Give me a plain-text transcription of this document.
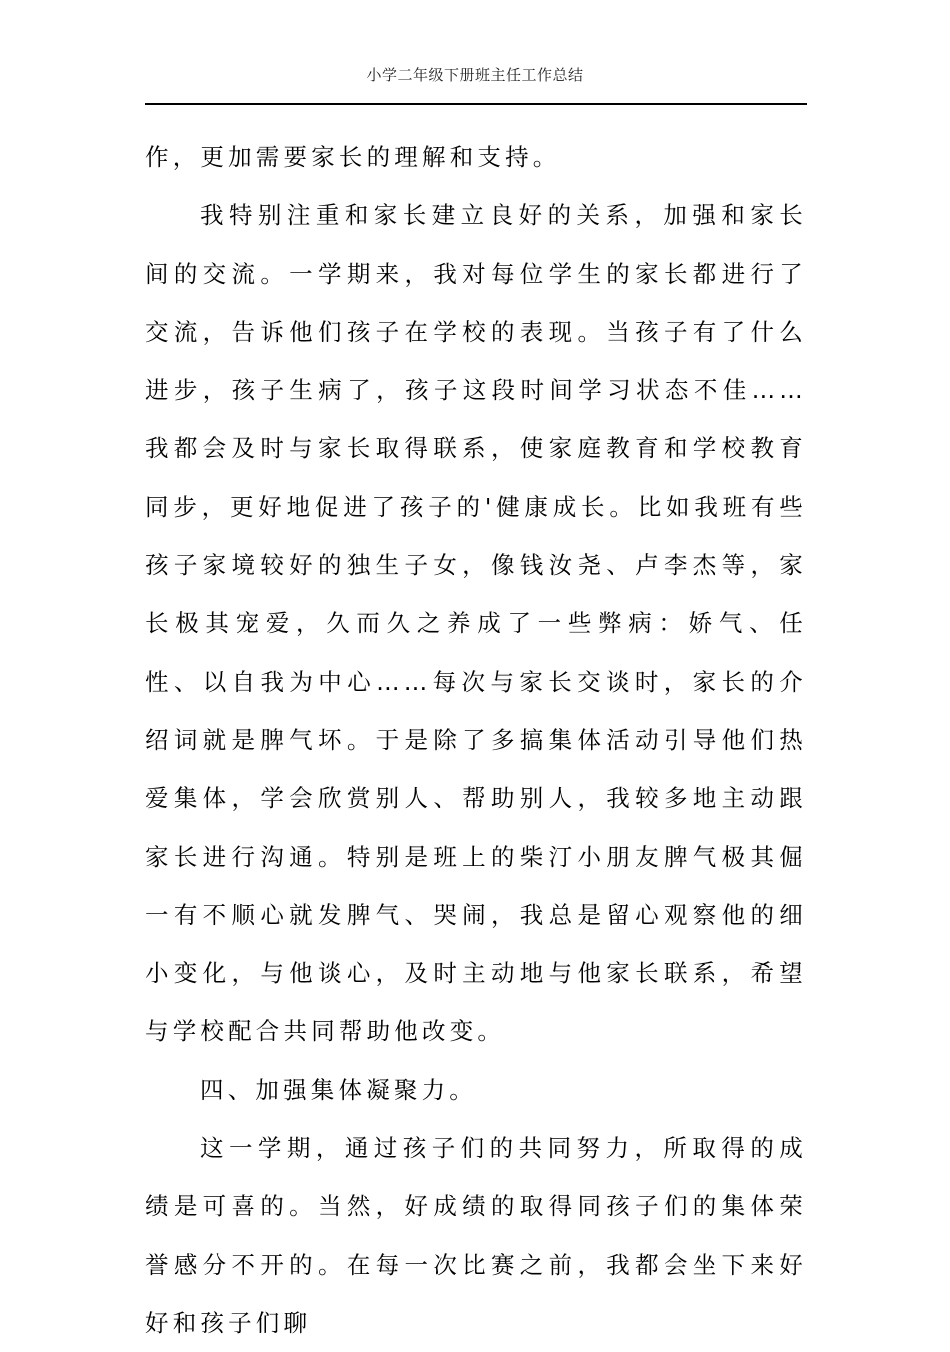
小学二年级下册班主任工作总结

作，更加需要家长的理解和支持。

我特别注重和家长建立良好的关系，加强和家长间的交流。一学期来，我对每位学生的家长都进行了交流，告诉他们孩子在学校的表现。当孩子有了什么进步，孩子生病了，孩子这段时间学习状态不佳……我都会及时与家长取得联系，使家庭教育和学校教育同步，更好地促进了孩子的'健康成长。比如我班有些孩子家境较好的独生子女，像钱汝尧、卢李杰等，家长极其宠爱，久而久之养成了一些弊病：娇气、任性、以自我为中心……每次与家长交谈时，家长的介绍词就是脾气坏。于是除了多搞集体活动引导他们热爱集体，学会欣赏别人、帮助别人，我较多地主动跟家长进行沟通。特别是班上的柴汀小朋友脾气极其倔一有不顺心就发脾气、哭闹，我总是留心观察他的细小变化，与他谈心，及时主动地与他家长联系，希望与学校配合共同帮助他改变。

四、加强集体凝聚力。

这一学期，通过孩子们的共同努力，所取得的成绩是可喜的。当然，好成绩的取得同孩子们的集体荣誉感分不开的。在每一次比赛之前，我都会坐下来好好和孩子们聊
